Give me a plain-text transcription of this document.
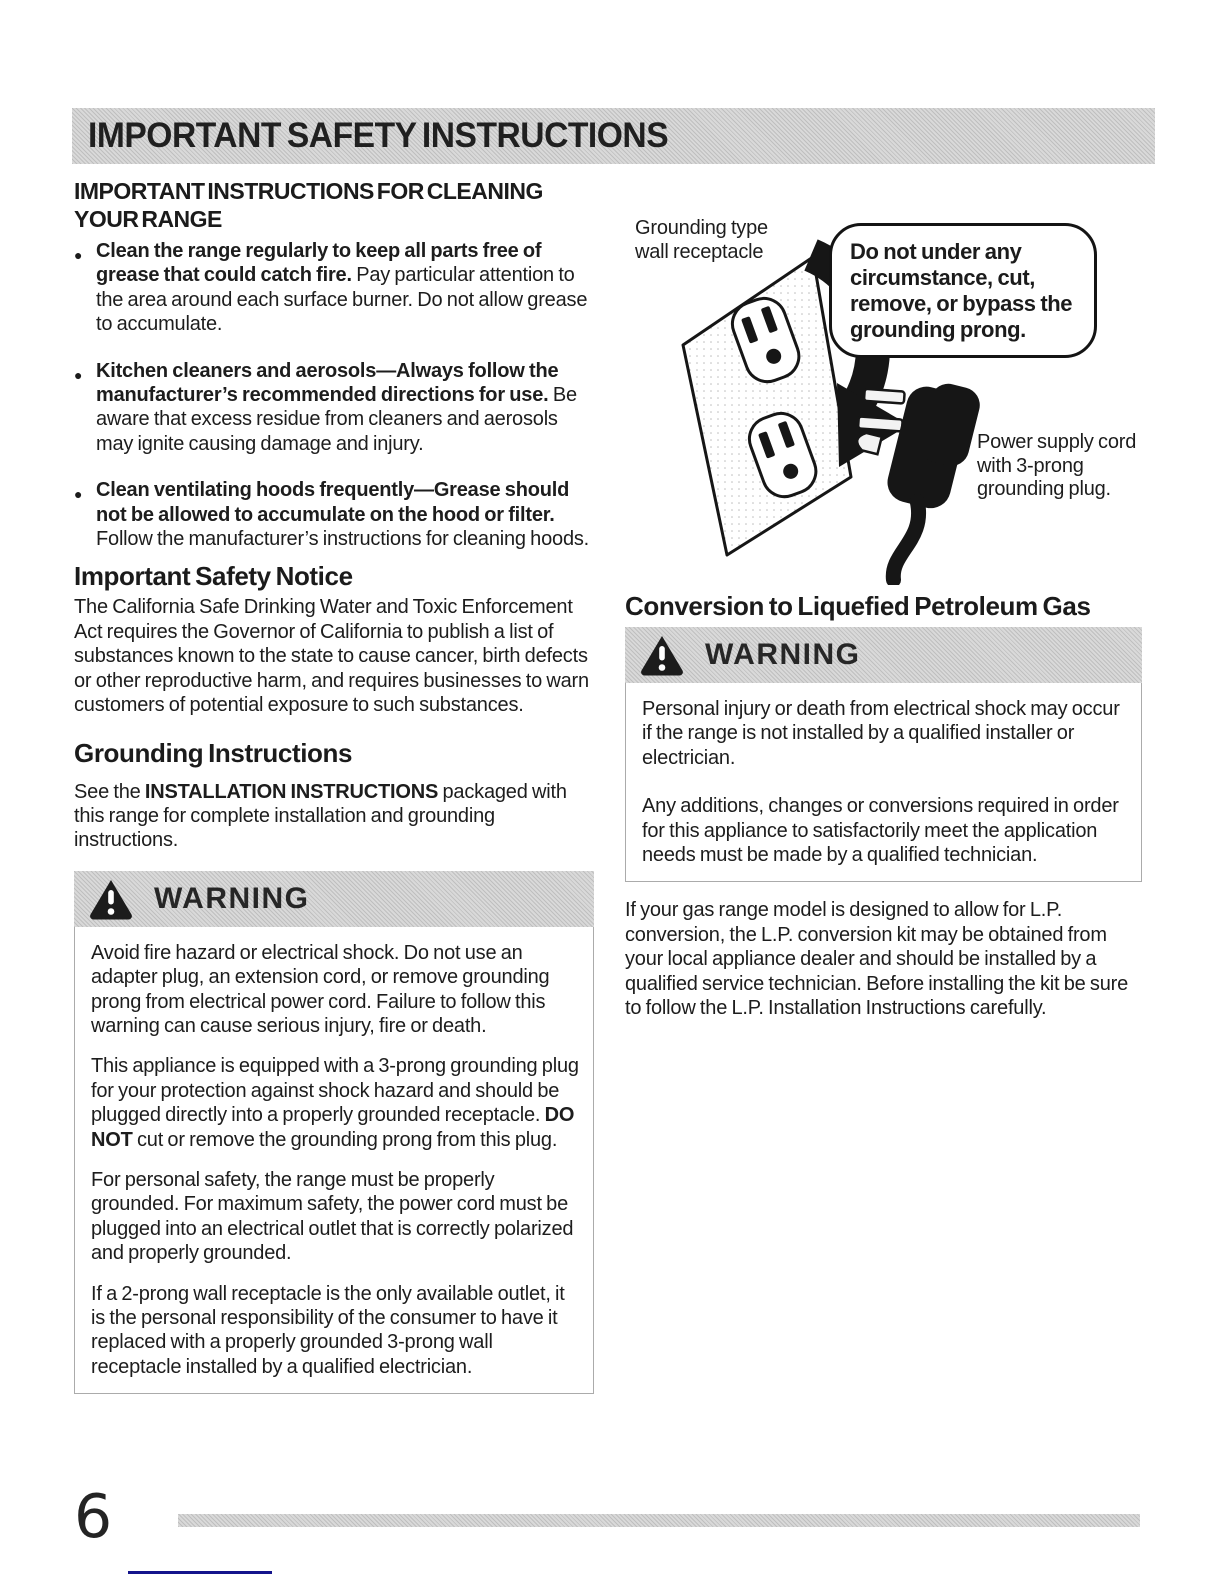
IMPORTANT SAFETY INSTRUCTIONS
IMPORTANT INSTRUCTIONS FOR CLEANING YOUR RANGE
● Clean the range regularly to keep all parts free of grease that could catch fire. Pay particular attention to the area around each surface burner. Do not allow grease to accumulate.
● Kitchen cleaners and aerosols—Always follow the manufacturer’s recommended directions for use. Be aware that excess residue from cleaners and aerosols may ignite causing damage and injury.
● Clean ventilating hoods frequently—Grease should not be allowed to accumulate on the hood or filter. Follow the manufacturer’s instructions for cleaning hoods.
Important Safety Notice

The California Safe Drinking Water and Toxic Enforcement Act requires the Governor of California to publish a list of substances known to the state to cause cancer, birth defects or other reproductive harm, and requires businesses to warn customers of potential exposure to such substances.

Grounding Instructions

See the INSTALLATION INSTRUCTIONS packaged with this range for complete installation and grounding instructions.

WARNING

Avoid fire hazard or electrical shock. Do not use an adapter plug, an extension cord, or remove grounding prong from electrical power cord. Failure to follow this warning can cause serious injury, fire or death.

This appliance is equipped with a 3-prong grounding plug for your protection against shock hazard and should be plugged directly into a properly grounded receptacle. DO NOT cut or remove the grounding prong from this plug.

For personal safety, the range must be properly grounded. For maximum safety, the power cord must be plugged into an electrical outlet that is correctly polarized and properly grounded.

If a 2-prong wall receptacle is the only available outlet, it is the personal responsibility of the consumer to have it replaced with a properly grounded 3-prong wall receptacle installed by a qualified electrician.

Grounding type wall receptacle	Do not under any circumstance, cut, remove, or bypass the grounding prong.
Power supply cord with 3-prong grounding plug.
Conversion to Liquefied Petroleum Gas
WARNING

Personal injury or death from electrical shock may occur if the range is not installed by a qualified installer or electrician.

Any additions, changes or conversions required in order for this appliance to satisfactorily meet the application needs must be made by a qualified technician.

If your gas range model is designed to allow for L.P. conversion, the L.P. conversion kit may be obtained from your local appliance dealer and should be installed by a qualified service technician. Before installing the kit be sure to follow the L.P. Installation Instructions carefully.

6
